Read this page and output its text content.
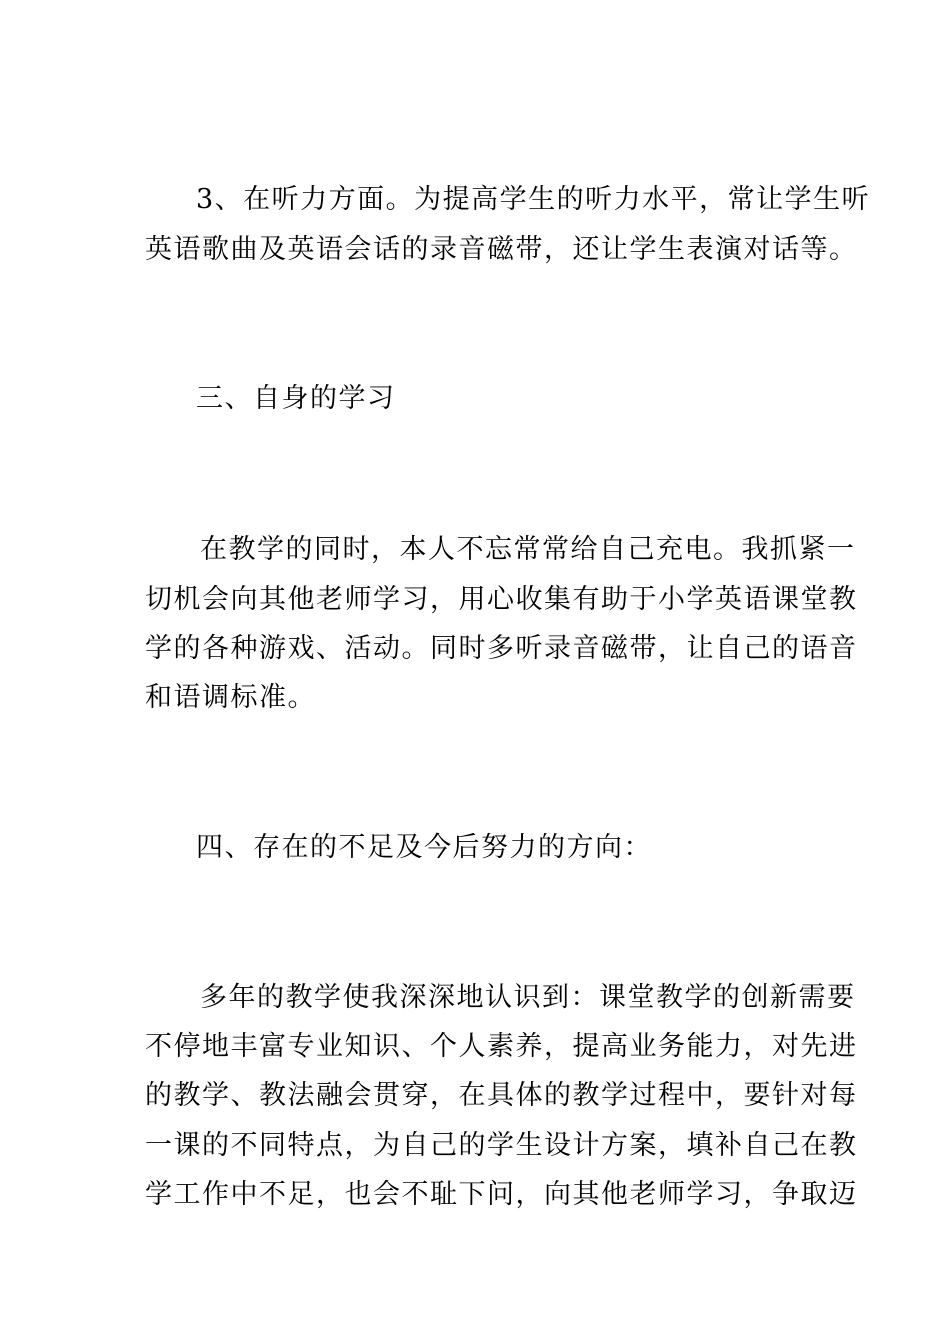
3、在听力方面。为提高学生的听力水平，常让学生听
英语歌曲及英语会话的录音磁带，还让学生表演对话等。
三、自身的学习
在教学的同时，本人不忘常常给自己充电。我抓紧一
切机会向其他老师学习，用心收集有助于小学英语课堂教
学的各种游戏、活动。同时多听录音磁带，让自己的语音
和语调标准。
四、存在的不足及今后努力的方向：
多年的教学使我深深地认识到：课堂教学的创新需要
不停地丰富专业知识、个人素养，提高业务能力，对先进
的教学、教法融会贯穿，在具体的教学过程中，要针对每
一课的不同特点，为自己的学生设计方案，填补自己在教
学工作中不足，也会不耻下问，向其他老师学习，争取迈
